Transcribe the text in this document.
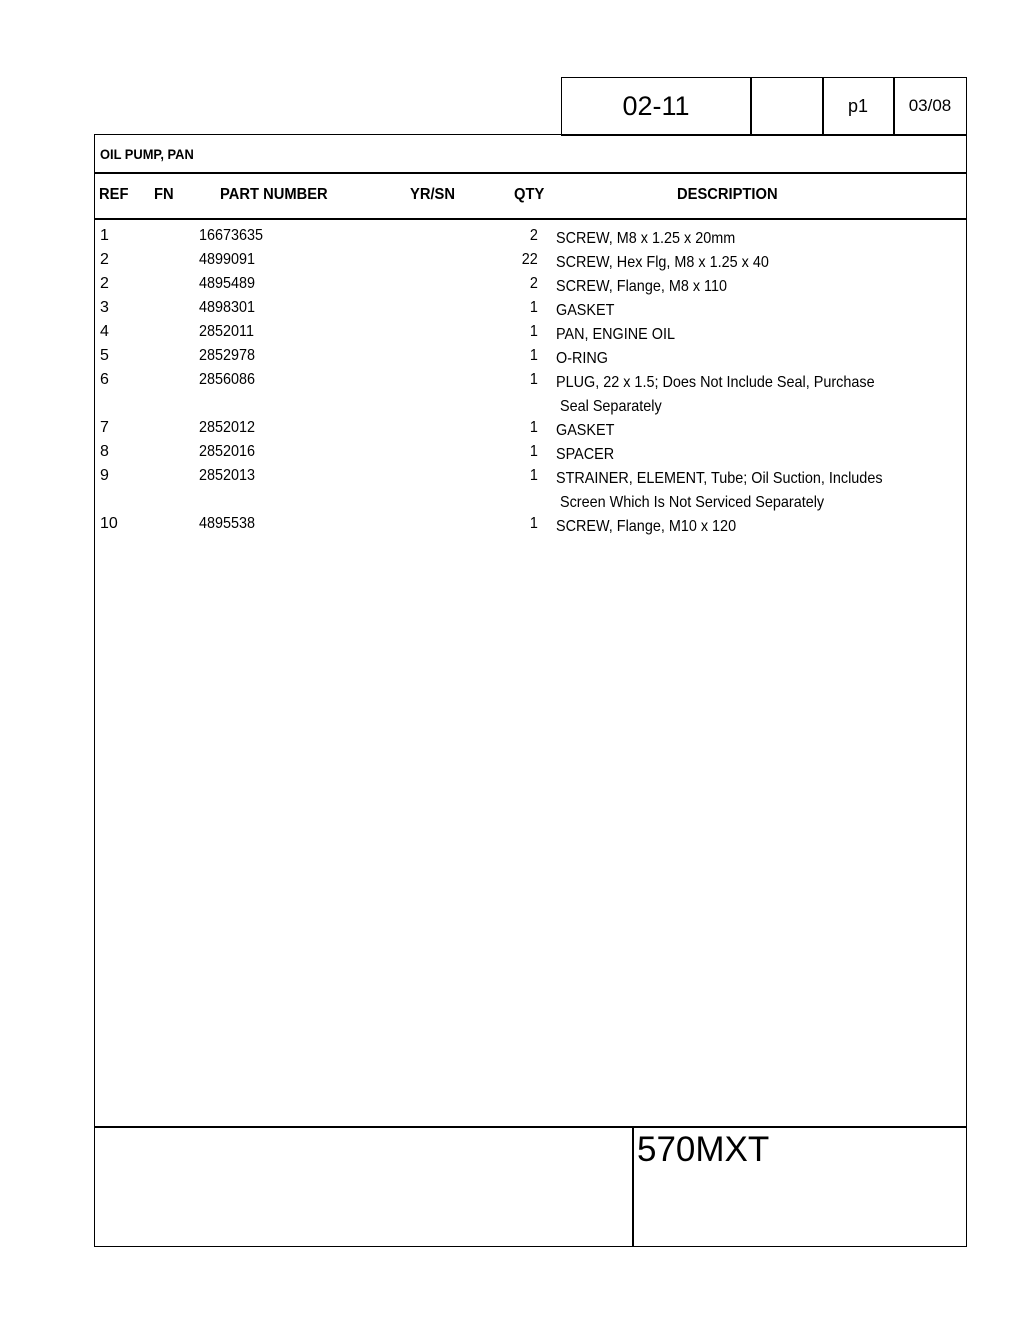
02-11	p1	03/08
OIL PUMP, PAN
REF FN	PART NUMBER	YR/SN	QTY	DESCRIPTION
1	16673635	2 SCREW, M8 x 1.25 x 20mm
2	4899091	22 SCREW, Hex Flg, M8 x 1.25 x 40
2	4895489	2 SCREW, Flange, M8 x 110
3	4898301	1 GASKET
4	2852011	1 PAN, ENGINE OIL
5	2852978	1 O-RING
6	2856086	1 PLUG, 22 x 1.5; Does Not Include Seal, Purchase
Seal Separately
7	2852012	1 GASKET
8	2852016	1 SPACER
9	2852013	1 STRAINER, ELEMENT, Tube; Oil Suction, Includes
Screen Which Is Not Serviced Separately
10	4895538	1 SCREW, Flange, M10 x 120
570MXT
